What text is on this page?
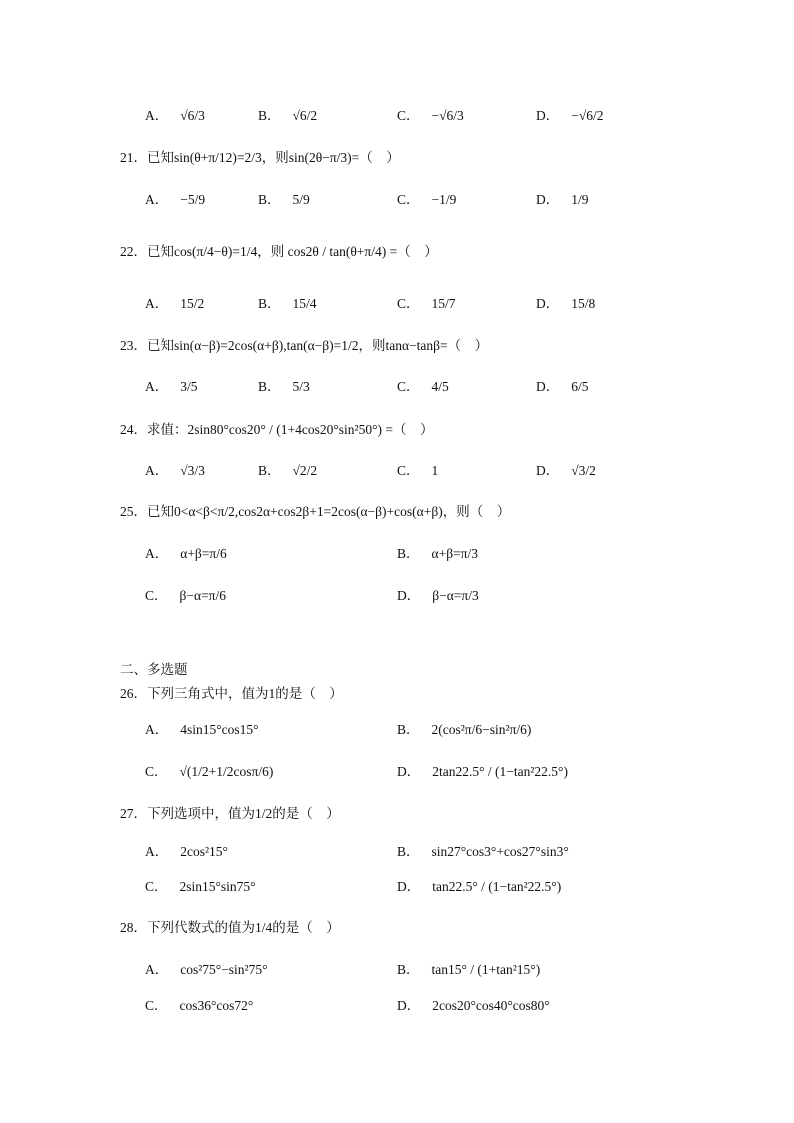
A． √6/3	B． √6/2	C． −√6/3	D． −√6/2
21．已知sin(θ+π/12)=2/3，则sin(2θ−π/3)=（　）
A． −5/9	B． 5/9	C． −1/9	D． 1/9
22．已知cos(π/4−θ)=1/4，则 cos2θ / tan(θ+π/4) =（　）
A． 15/2	B． 15/4	C． 15/7	D． 15/8
23．已知sin(α−β)=2cos(α+β),tan(α−β)=1/2，则tanα−tanβ=（　）
A． 3/5	B． 5/3	C． 4/5	D． 6/5
24．求值：2sin80°cos20° / (1+4cos20°sin²50°) =（　）
A． √3/3	B． √2/2	C． 1	D． √3/2
25．已知0<α<β<π/2,cos2α+cos2β+1=2cos(α−β)+cos(α+β)，则（　）
A． α+β=π/6	B． α+β=π/3
C． β−α=π/6	D． β−α=π/3
二、多选题
26．下列三角式中，值为1的是（　）
A． 4sin15°cos15°	B． 2(cos²π/6−sin²π/6)
C． √(1/2+1/2cosπ/6)	D． 2tan22.5° / (1−tan²22.5°)
27．下列选项中，值为1/2的是（　）
A． 2cos²15°	B． sin27°cos3°+cos27°sin3°
C． 2sin15°sin75°	D． tan22.5° / (1−tan²22.5°)
28．下列代数式的值为1/4的是（　）
A． cos²75°−sin²75°	B． tan15° / (1+tan²15°)
C． cos36°cos72°	D． 2cos20°cos40°cos80°
